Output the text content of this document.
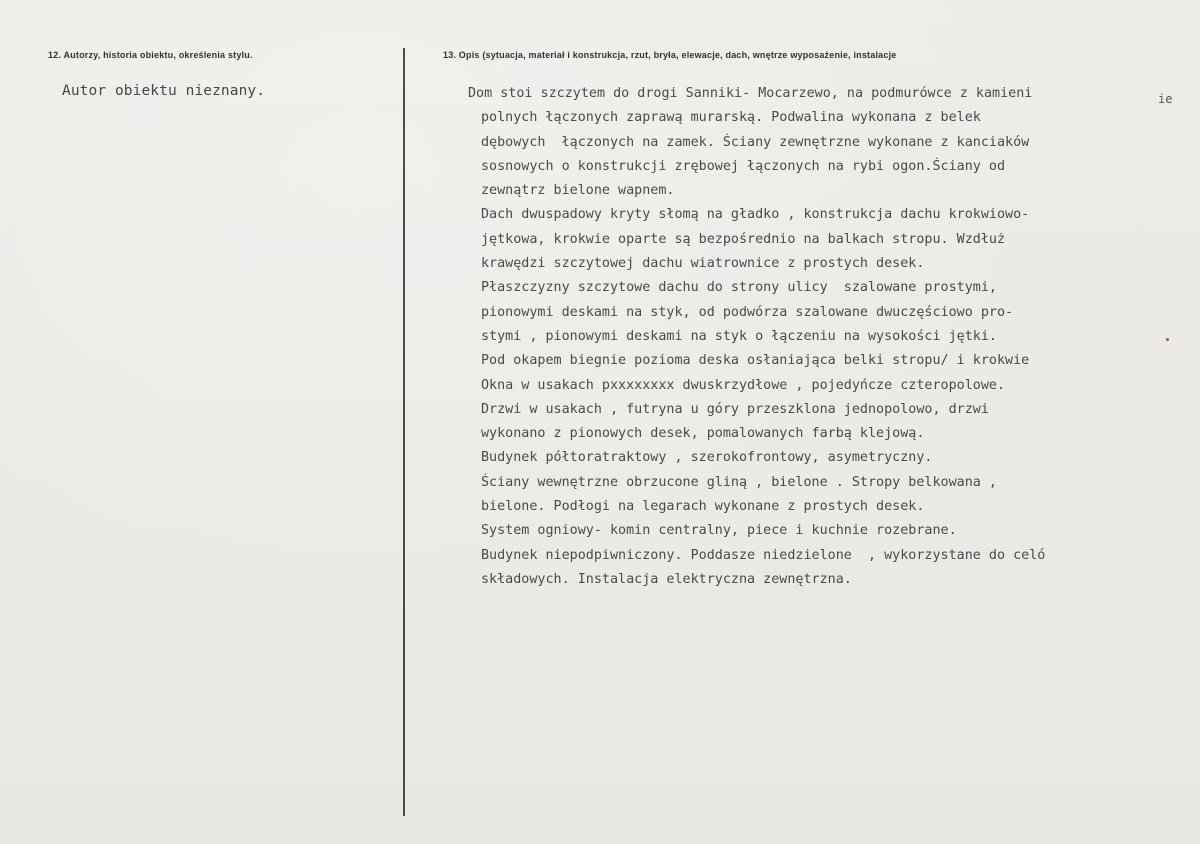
12. Autorzy, historia obiektu, określenia stylu.	13. Opis (sytuacja, materiał i konstrukcja, rzut, bryła, elewacje, dach, wnętrze wyposażenie, instalacje
Autor obiektu nieznany.	Dom stoi szczytem do drogi Sanniki- Mocarzewo, na podmurówce z kamieni
polnych łączonych zaprawą murarską. Podwalina wykonana z belek
dębowych  łączonych na zamek. Ściany zewnętrzne wykonane z kanciaków
sosnowych o konstrukcji zrębowej łączonych na rybi ogon.Ściany od
zewnątrz bielone wapnem.
Dach dwuspadowy kryty słomą na gładko , konstrukcja dachu krokwiowo-
jętkowa, krokwie oparte są bezpośrednio na balkach stropu. Wzdłuż
krawędzi szczytowej dachu wiatrownice z prostych desek.
Płaszczyzny szczytowe dachu do strony ulicy  szalowane prostymi,
pionowymi deskami na styk, od podwórza szalowane dwuczęściowo pro-
stymi , pionowymi deskami na styk o łączeniu na wysokości jętki.
Pod okapem biegnie pozioma deska osłaniająca belki stropu/ i krokwie
Okna w usakach pxxxxxxxx dwuskrzydłowe , pojedyńcze czteropolowe.
Drzwi w usakach , futryna u góry przeszklona jednopolowo, drzwi
wykonano z pionowych desek, pomalowanych farbą klejową.
Budynek półtoratraktowy , szerokofrontowy, asymetryczny.
Ściany wewnętrzne obrzucone gliną , bielone . Stropy belkowana ,
bielone. Podłogi na legarach wykonane z prostych desek.
System ogniowy- komin centralny, piece i kuchnie rozebrane.
Budynek niepodpiwniczony. Poddasze niedzielone  , wykorzystane do celó
składowych. Instalacja elektryczna zewnętrzna.
ie
